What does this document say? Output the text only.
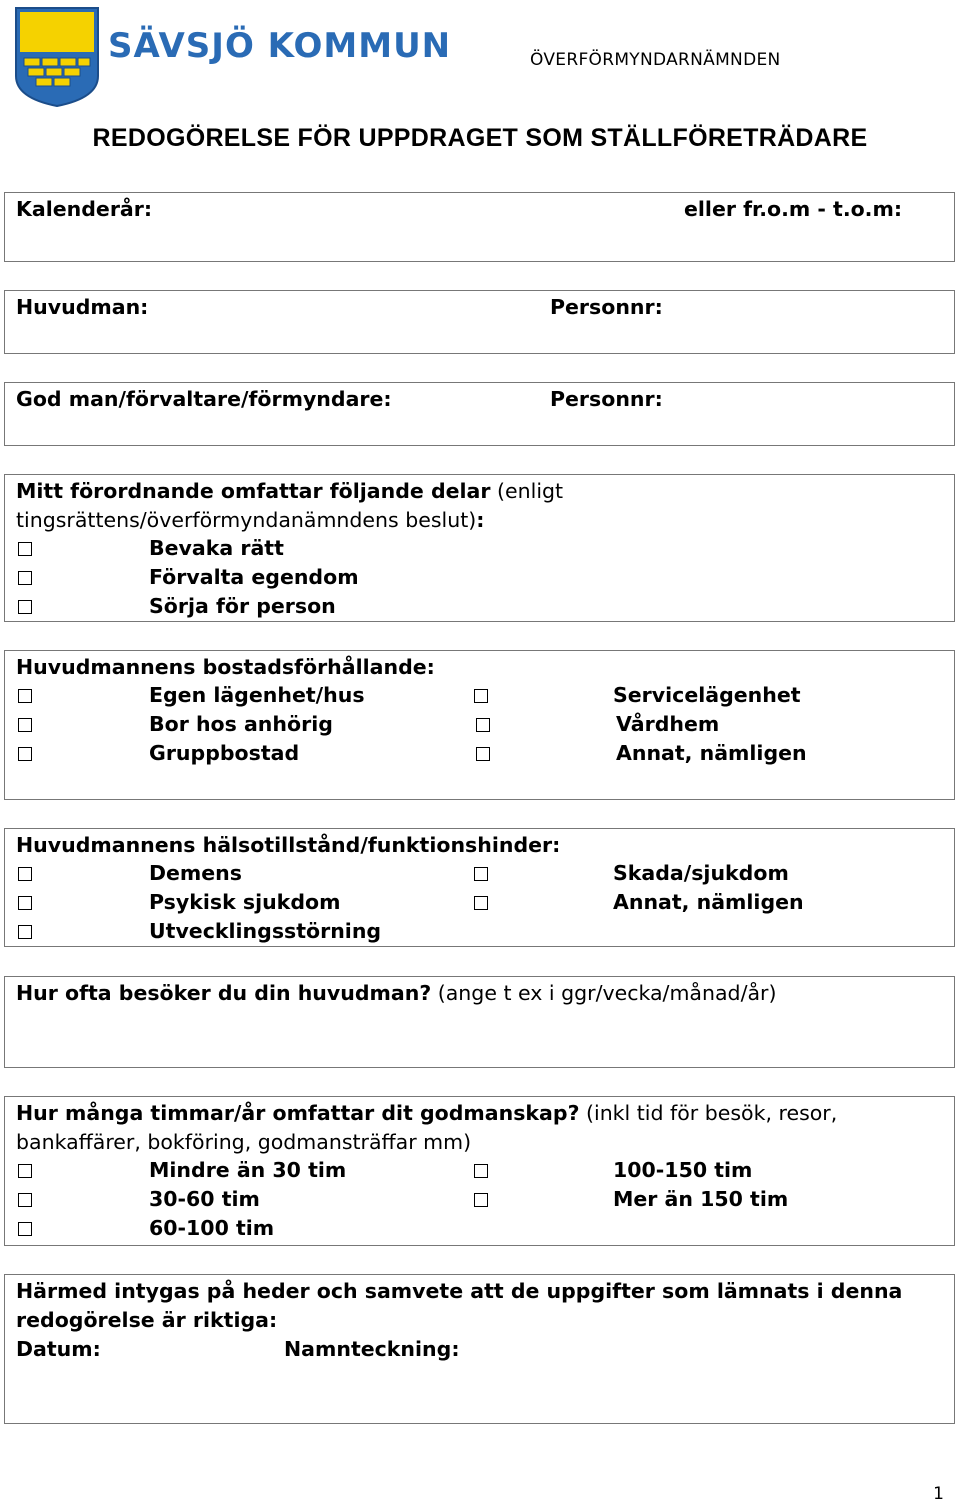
SÄVSJÖ KOMMUN	ÖVERFÖRMYNDARNÄMNDEN
REDOGÖRELSE FÖR UPPDRAGET SOM STÄLLFÖRETRÄDARE
Kalenderår:	eller fr.o.m - t.o.m:
Huvudman:	Personnr:
God man/förvaltare/förmyndare:	Personnr:
Mitt förordnande omfattar följande delar (enligt
tingsrättens/överförmyndanämndens beslut):
Bevaka rätt
Förvalta egendom
Sörja för person
Huvudmannens bostadsförhållande:
Egen lägenhet/hus	Servicelägenhet
Bor hos anhörig	Vårdhem
Gruppbostad	Annat, nämligen
Huvudmannens hälsotillstånd/funktionshinder:
Demens	Skada/sjukdom
Psykisk sjukdom	Annat, nämligen
Utvecklingsstörning
Hur ofta besöker du din huvudman? (ange t ex i ggr/vecka/månad/år)
Hur många timmar/år omfattar dit godmanskap? (inkl tid för besök, resor,
bankaffärer, bokföring, godmansträffar mm)
Mindre än 30 tim	100-150 tim
30-60 tim	Mer än 150 tim
60-100 tim
Härmed intygas på heder och samvete att de uppgifter som lämnats i denna
redogörelse är riktiga:
Datum:	Namnteckning:
1
